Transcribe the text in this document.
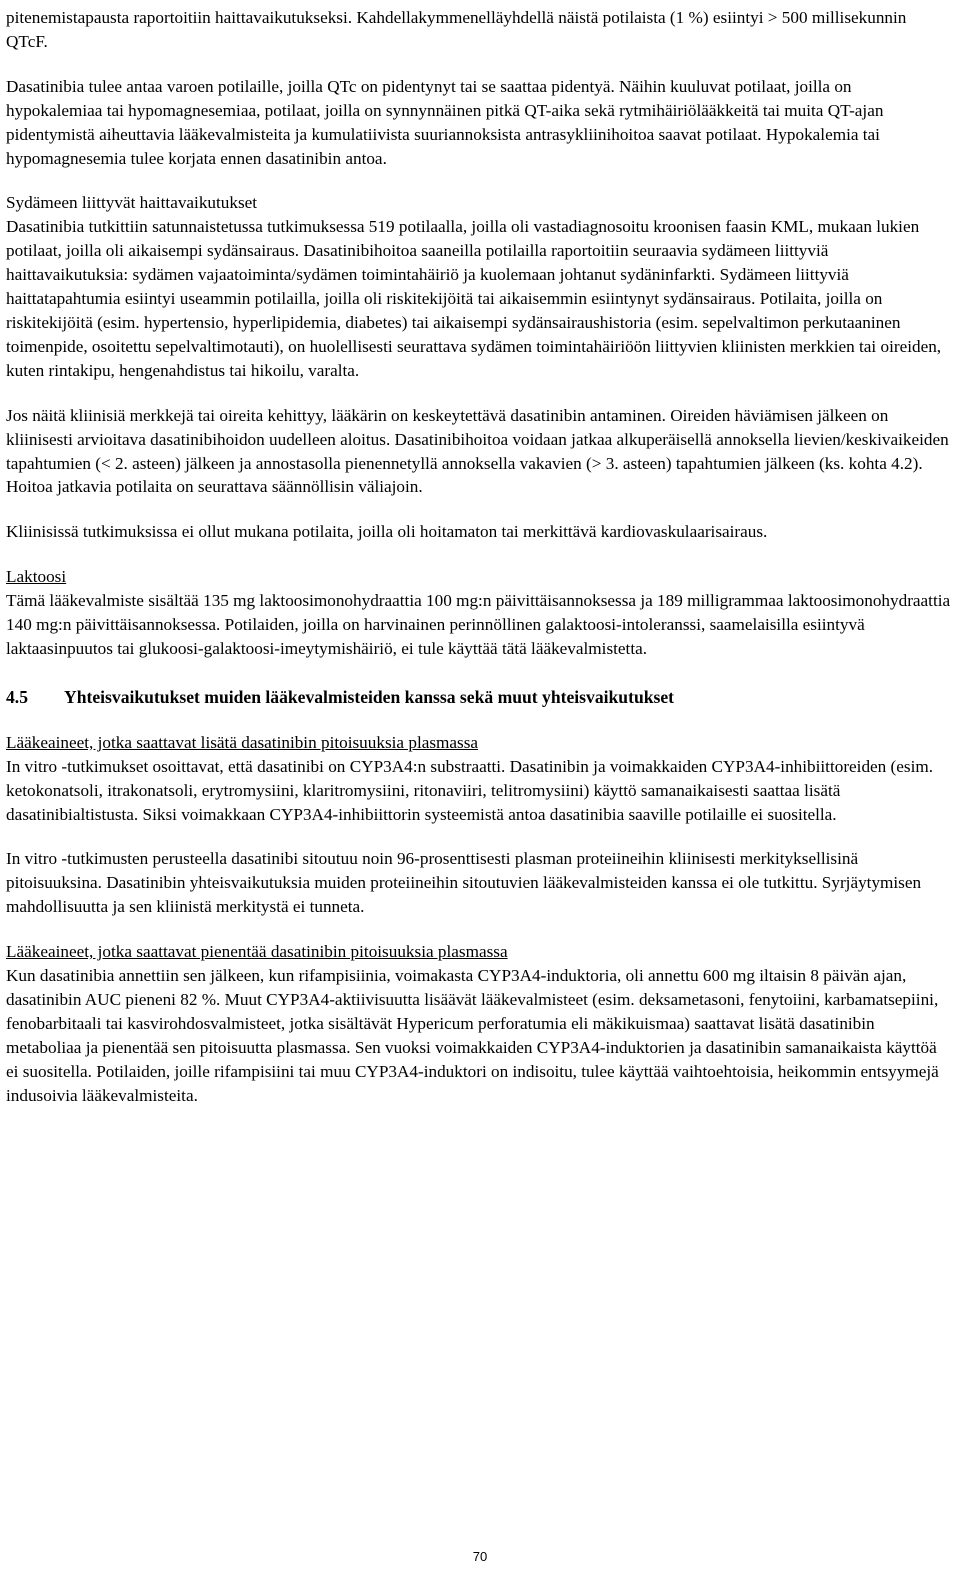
pitenemistapausta raportoitiin haittavaikutukseksi. Kahdellakymmenelläyhdellä näistä potilaista (1 %) esiintyi > 500 millisekunnin QTcF.

Dasatinibia tulee antaa varoen potilaille, joilla QTc on pidentynyt tai se saattaa pidentyä. Näihin kuuluvat potilaat, joilla on hypokalemiaa tai hypomagnesemiaa, potilaat, joilla on synnynnäinen pitkä QT-aika sekä rytmihäiriölääkkeitä tai muita QT-ajan pidentymistä aiheuttavia lääkevalmisteita ja kumulatiivista suuriannoksista antrasykliinihoitoa saavat potilaat. Hypokalemia tai hypomagnesemia tulee korjata ennen dasatinibin antoa.

Sydämeen liittyvät haittavaikutukset

Dasatinibia tutkittiin satunnaistetussa tutkimuksessa 519 potilaalla, joilla oli vastadiagnosoitu kroonisen faasin KML, mukaan lukien potilaat, joilla oli aikaisempi sydänsairaus. Dasatinibihoitoa saaneilla potilailla raportoitiin seuraavia sydämeen liittyviä haittavaikutuksia: sydämen vajaatoiminta/sydämen toimintahäiriö ja kuolemaan johtanut sydäninfarkti. Sydämeen liittyviä haittatapahtumia esiintyi useammin potilailla, joilla oli riskitekijöitä tai aikaisemmin esiintynyt sydänsairaus. Potilaita, joilla on riskitekijöitä (esim. hypertensio, hyperlipidemia, diabetes) tai aikaisempi sydänsairaushistoria (esim. sepelvaltimon perkutaaninen toimenpide, osoitettu sepelvaltimotauti), on huolellisesti seurattava sydämen toimintahäiriöön liittyvien kliinisten merkkien tai oireiden, kuten rintakipu, hengenahdistus tai hikoilu, varalta.

Jos näitä kliinisiä merkkejä tai oireita kehittyy, lääkärin on keskeytettävä dasatinibin antaminen. Oireiden häviämisen jälkeen on kliinisesti arvioitava dasatinibihoidon uudelleen aloitus. Dasatinibihoitoa voidaan jatkaa alkuperäisellä annoksella lievien/keskivaikeiden tapahtumien (< 2. asteen) jälkeen ja annostasolla pienennetyllä annoksella vakavien (> 3. asteen) tapahtumien jälkeen (ks. kohta 4.2). Hoitoa jatkavia potilaita on seurattava säännöllisin väliajoin.

Kliinisissä tutkimuksissa ei ollut mukana potilaita, joilla oli hoitamaton tai merkittävä kardiovaskulaarisairaus.

Laktoosi

Tämä lääkevalmiste sisältää 135 mg laktoosimonohydraattia 100 mg:n päivittäisannoksessa ja 189 milligrammaa laktoosimonohydraattia 140 mg:n päivittäisannoksessa. Potilaiden, joilla on harvinainen perinnöllinen galaktoosi-intoleranssi, saamelaisilla esiintyvä laktaasinpuutos tai glukoosi-galaktoosi-imeytymishäiriö, ei tule käyttää tätä lääkevalmistetta.

4.5 Yhteisvaikutukset muiden lääkevalmisteiden kanssa sekä muut yhteisvaikutukset

Lääkeaineet, jotka saattavat lisätä dasatinibin pitoisuuksia plasmassa

In vitro -tutkimukset osoittavat, että dasatinibi on CYP3A4:n substraatti. Dasatinibin ja voimakkaiden CYP3A4-inhibiittoreiden (esim. ketokonatsoli, itrakonatsoli, erytromysiini, klaritromysiini, ritonaviiri, telitromysiini) käyttö samanaikaisesti saattaa lisätä dasatinibialtistusta. Siksi voimakkaan CYP3A4-inhibiittorin systeemistä antoa dasatinibia saaville potilaille ei suositella.

In vitro -tutkimusten perusteella dasatinibi sitoutuu noin 96-prosenttisesti plasman proteiineihin kliinisesti merkityksellisinä pitoisuuksina. Dasatinibin yhteisvaikutuksia muiden proteiineihin sitoutuvien lääkevalmisteiden kanssa ei ole tutkittu. Syrjäytymisen mahdollisuutta ja sen kliinistä merkitystä ei tunneta.

Lääkeaineet, jotka saattavat pienentää dasatinibin pitoisuuksia plasmassa

Kun dasatinibia annettiin sen jälkeen, kun rifampisiinia, voimakasta CYP3A4-induktoria, oli annettu 600 mg iltaisin 8 päivän ajan, dasatinibin AUC pieneni 82 %. Muut CYP3A4-aktiivisuutta lisäävät lääkevalmisteet (esim. deksametasoni, fenytoiini, karbamatsepiini, fenobarbitaali tai kasvirohdosvalmisteet, jotka sisältävät Hypericum perforatumia eli mäkikuismaa) saattavat lisätä dasatinibin metaboliaa ja pienentää sen pitoisuutta plasmassa. Sen vuoksi voimakkaiden CYP3A4-induktorien ja dasatinibin samanaikaista käyttöä ei suositella. Potilaiden, joille rifampisiini tai muu CYP3A4-induktori on indisoitu, tulee käyttää vaihtoehtoisia, heikommin entsyymejä indusoivia lääkevalmisteita.

70
